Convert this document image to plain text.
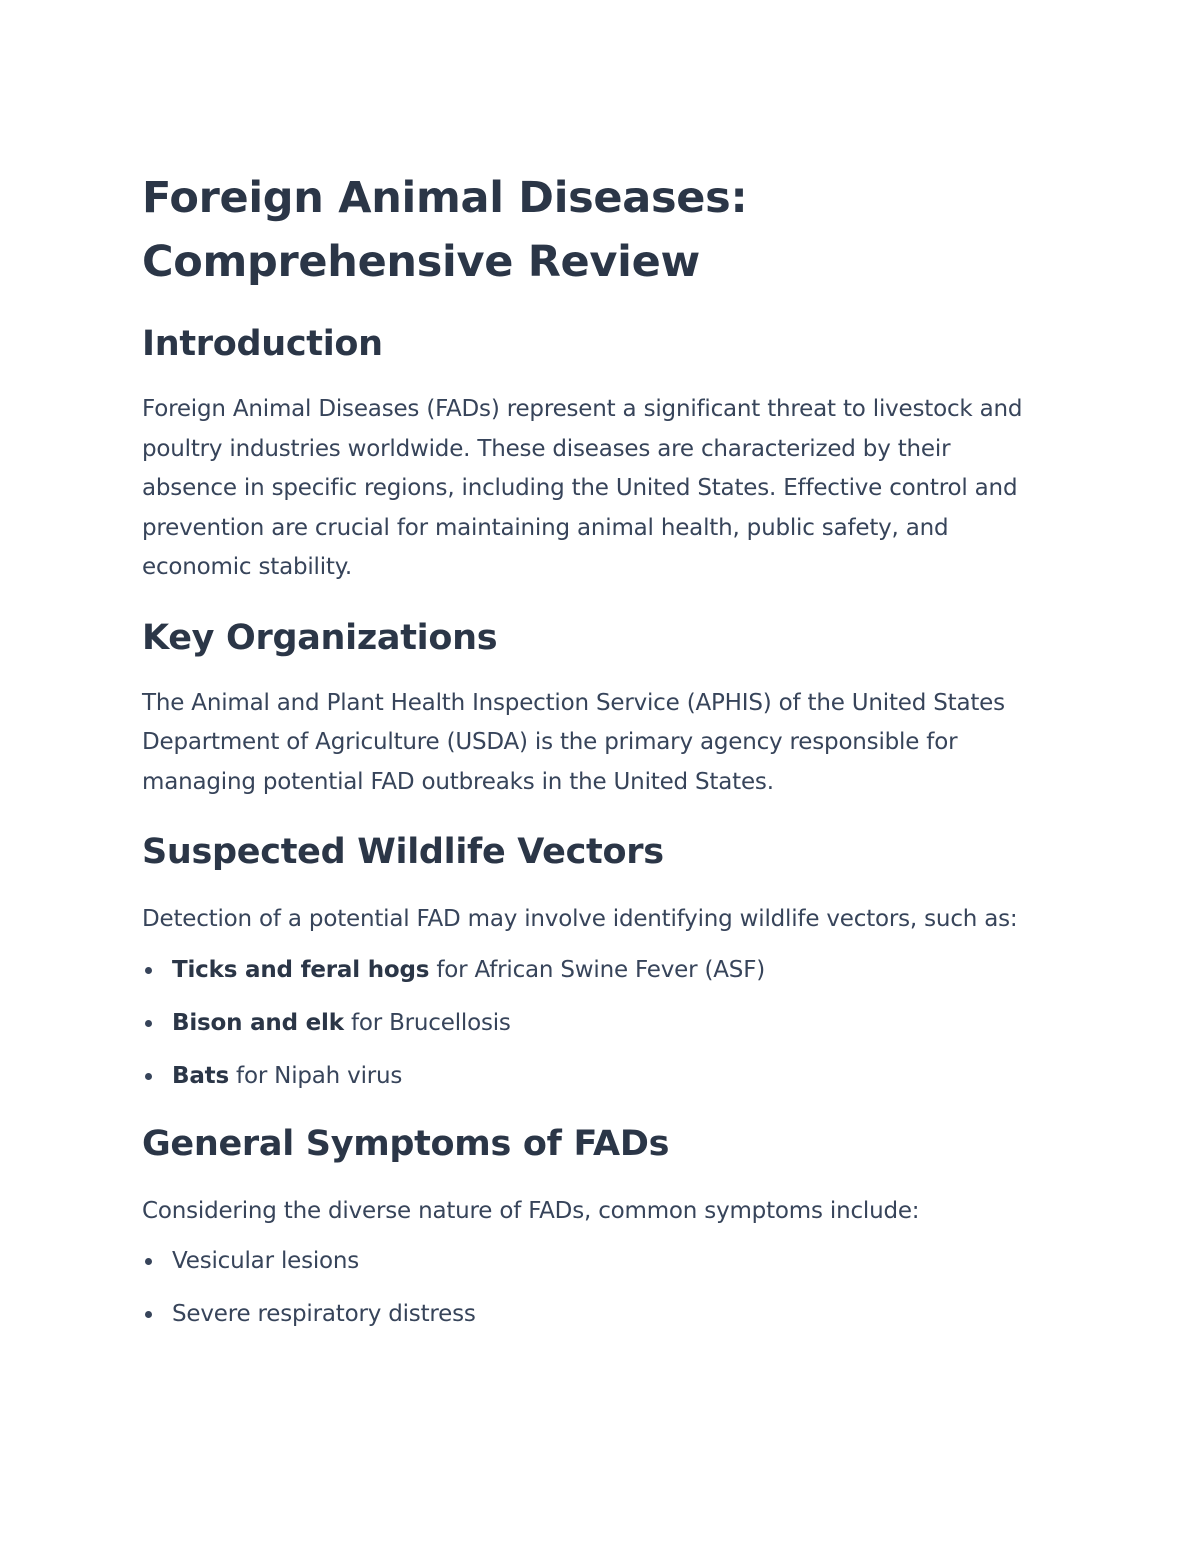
Foreign Animal Diseases:
Comprehensive Review
Introduction

Foreign Animal Diseases (FADs) represent a significant threat to livestock and poultry industries worldwide. These diseases are characterized by their absence in specific regions, including the United States. Effective control and prevention are crucial for maintaining animal health, public safety, and economic stability.

Key Organizations

The Animal and Plant Health Inspection Service (APHIS) of the United States Department of Agriculture (USDA) is the primary agency responsible for managing potential FAD outbreaks in the United States.

Suspected Wildlife Vectors

Detection of a potential FAD may involve identifying wildlife vectors, such as:

Ticks and feral hogs for African Swine Fever (ASF)
Bison and elk for Brucellosis
Bats for Nipah virus
General Symptoms of FADs

Considering the diverse nature of FADs, common symptoms include:

Vesicular lesions
Severe respiratory distress
